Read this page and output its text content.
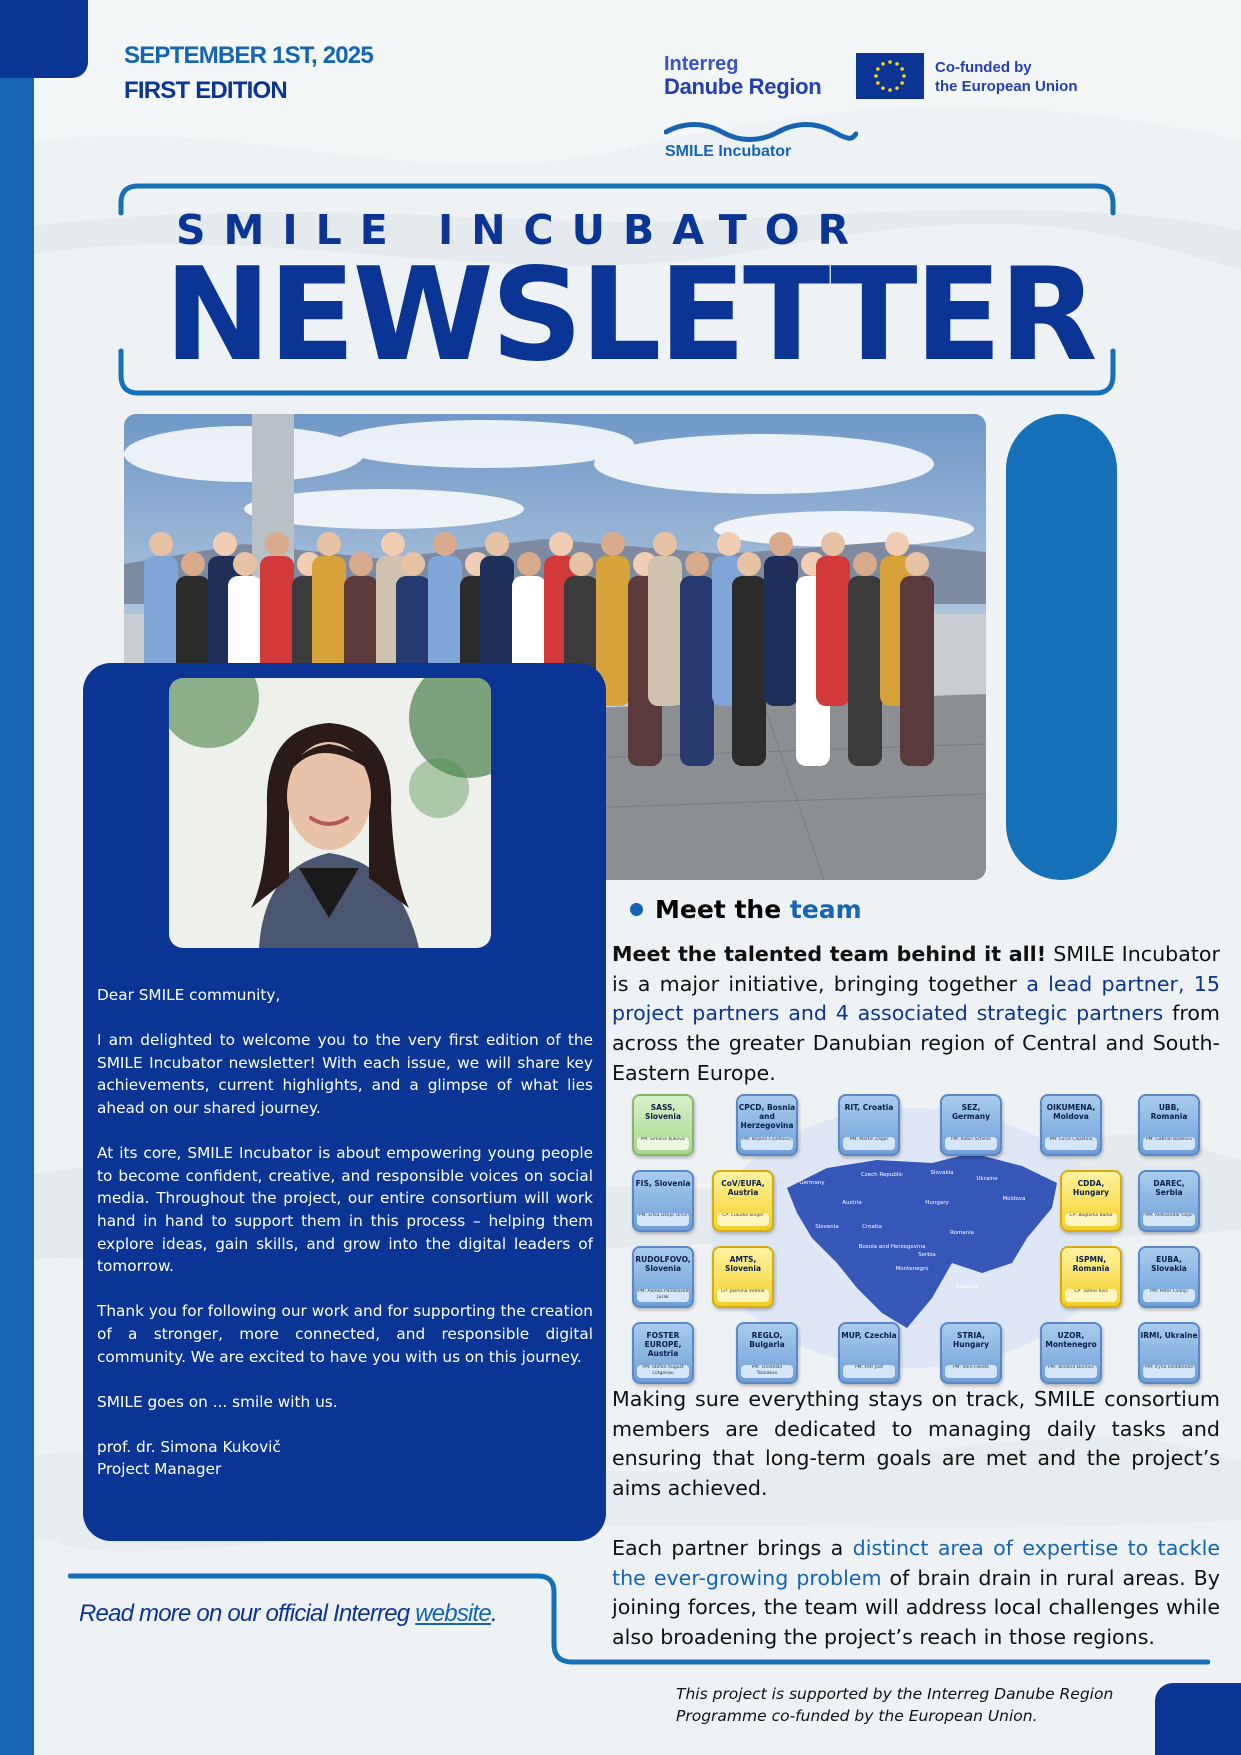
SEPTEMBER 1ST, 2025
FIRST EDITION
Interreg
Danube Region
SMILE Incubator
Co-funded by
the European Union
SMILE INCUBATOR
NEWSLETTER

Dear SMILE community,

I am delighted to welcome you to the very first edition of the SMILE Incubator newsletter! With each issue, we will share key achievements, current highlights, and a glimpse of what lies ahead on our shared journey.

At its core, SMILE Incubator is about empowering young people to become confident, creative, and responsible voices on social media. Throughout the project, our entire consortium will work hand in hand to support them in this process – helping them explore ideas, gain skills, and grow into the digital leaders of tomorrow.

Thank you for following our work and for supporting the creation of a stronger, more connected, and responsible digital community. We are excited to have you with us on this journey.

SMILE goes on ... smile with us.

prof. dr. Simona Kukovič
Project Manager
Meet the team
Meet the talented team behind it all! SMILE Incubator is a major initiative, bringing together a lead partner, 15 project partners and 4 associated strategic partners from across the greater Danubian region of Central and South-Eastern Europe.
Germany
Czech Republic	Slovakia
Ukraine
Austria	Hungary
Moldova
Slovenia	Croatia
Romania
Bosnia and Herzegovina
Serbia
Montenegro
Bulgaria
SASS, Slovenia
PM: Simona Kukovič
CPCD, Bosnia and Herzegovina
PM: Bojana Cvjetković
RIT, Croatia
PM: Martin Žagar
SEZ, Germany
PM: Robin Schenk
OIKUMENA, Moldova
PM: Lucia Capatina
UBB, Romania
PM: Gabriel Badescu
FIS, Slovenia
PM: Erika Džajić Uršič
CoV/EUFA, Austria
CP: Claudia Singer
CDDA, Hungary
CP: Boglarka Barko
DAREC, Serbia
PM: Aleksandar Gajić
RUDOLFOVO, Slovenia
PM: Alenka Pandiloska Jurak
AMTS, Slovenia
CP: Jasmina Vidmar
ISPMN, Romania
CP: Tamas Kiss
EUBA, Slovakia
PM: Peter Csanyi
FOSTER EUROPE, Austria
PM: Stefan August Lütgenau
REGLO, Bulgaria
PM: Tsvetelan Tsonakov
MUP, Czechia
PM: Petr Just
STRIA, Hungary
PM: Imre Fekete
UZOR, Montenegro
PM: Teodora Đurović
IRMI, Ukraine
PM: Iryna Soldatenko
Making sure everything stays on track, SMILE consortium members are dedicated to managing daily tasks and ensuring that long-term goals are met and the project’s aims achieved.
Each partner brings a distinct area of expertise to tackle the ever-growing problem of brain drain in rural areas. By joining forces, the team will address local challenges while also broadening the project’s reach in those regions.
Read more on our official Interreg website.
This project is supported by the Interreg Danube Region
Programme co-funded by the European Union.
